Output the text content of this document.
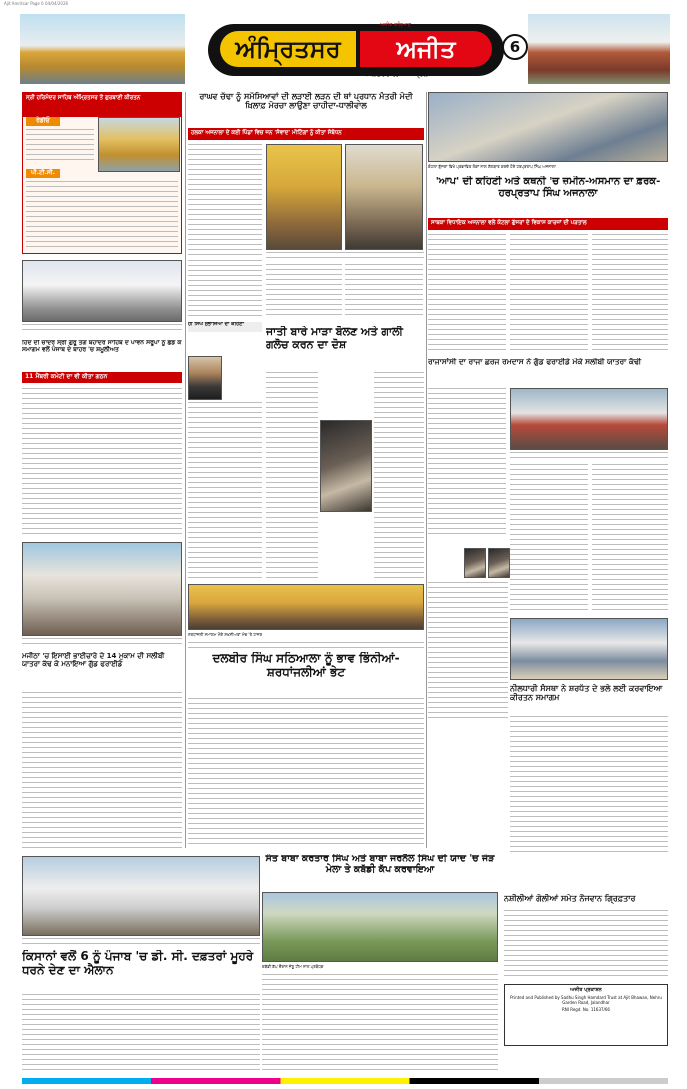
Ajit Amritsar Page 6 04/04/2026
ਅੰਮ੍ਰਿਤਸਰ	ਅਜੀਤ
ਅਜੀਤ ਕਲਿਆਣ
ਸ਼ਨਿੱਚਰਵਾਰ, 4 ਅਪ੍ਰੈਲ 2026
6
ਸ੍ਰੀ ਹਰਿਮੰਦਰ ਸਾਹਿਬ ਅੰਮ੍ਰਿਤਸਰ ਤੋਂ ਗੁਰਬਾਣੀ ਕੀਰਤਨ
ਰੇਡੀਓ
ਪੀ.ਟੀ.ਸੀ.
ਹਿੰਦ ਦੀ ਚਾਦਰ ਸ੍ਰੀ ਗੁਰੂ ਤੇਗ ਬਹਾਦਰ ਸਾਹਿਬ ਦੇ ਪਾਵਨ ਸਰੂਪਾਂ ਨੂੰ ਛੱਡ ਕੇ ਸਮਾਗਮ ਵਲੋਂ ਪੰਜਾਬ ਦੇ ਬਾਹਰ 'ਚ ਸ਼ਮੂਲੀਅਤ
11 ਮੈਂਬਰੀ ਕਮੇਟੀ ਦਾ ਵੀ ਕੀਤਾ ਗਠਨ
ਮਜੀਠਾ 'ਚ ਇਸਾਈ ਭਾਈਚਾਰੇ ਦੇ 14 ਮੁਕਾਮ ਦੀ ਸਲੀਬੀ ਯਾਤਰਾ ਕੱਢ ਕੇ ਮਨਾਇਆ ਗੁੱਡ ਫਰਾਈਡੇ
ਕਿਸਾਨਾਂ ਵਲੋਂ 6 ਨੂੰ ਪੰਜਾਬ 'ਚ ਡੀ. ਸੀ. ਦਫ਼ਤਰਾਂ ਮੂਹਰੇ ਧਰਨੇ ਦੇਣ ਦਾ ਐਲਾਨ
ਰਾਘਵ ਚੱਢਾ ਨੂੰ ਸਮੱਸਿਆਵਾਂ ਦੀ ਲੜਾਈ ਲੜਨ ਦੀ ਥਾਂ ਪ੍ਰਧਾਨ ਮੰਤਰੀ ਮੋਦੀ ਖ਼ਿਲਾਫ਼ ਮੋਰਚਾ ਲਾਉਣਾ ਚਾਹੀਦਾ-ਧਾਲੀਵਾਲ
ਹਲਕਾ ਅਜਨਾਲਾ ਦੇ ਕਈ ਪਿੰਡਾਂ ਵਿਚ ਜਨ 'ਸੰਵਾਦ' ਮੀਟਿੰਗਾਂ ਨੂੰ ਕੀਤਾ ਸੰਬੋਧਨ
ਹੀ ਸਿੰਘ ਸੁਭਾਜਿਆਂ ਦਾ ਕਹਿਣਾ
ਜਾਤੀ ਬਾਰੇ ਮਾੜਾ ਬੋਲਣ ਅਤੇ ਗਾਲੀ ਗਲੋਚ ਕਰਨ ਦਾ ਦੋਸ਼
ਸ਼ਰਧਾਂਜਲੀ ਸਮਾਗਮ ਮੌਕੇ ਸ਼ਖ਼ਸੀਅਤਾਂ ਮੰਚ 'ਤੇ ਹਾਜ਼ਰ
ਦਲਬੀਰ ਸਿੰਘ ਸਠਿਆਲਾ ਨੂੰ ਭਾਵ ਭਿੰਨੀਆਂ-ਸ਼ਰਧਾਂਜਲੀਆਂ ਭੇਟ
ਸੰਤ ਬਾਬਾ ਕਰਤਾਰ ਸਿੰਘ ਅਤੇ ਬਾਬਾ ਜਰਨੈਲ ਸਿੰਘ ਦੀ ਯਾਦ 'ਚ ਜੋੜ ਮੇਲਾ ਤੇ ਕਬੱਡੀ ਕੱਪ ਕਰਵਾਇਆ
ਕਬੱਡੀ ਕੱਪ ਦੌਰਾਨ ਜੇਤੂ ਟੀਮ ਨਾਲ ਪ੍ਰਬੰਧਕ
ਕੋਟਲਾ ਗੁੱਜਰਾਂ ਵਿਖੇ ਪ੍ਰਭਾਵਿਤ ਲੋਕਾਂ ਨਾਲ ਗੱਲਬਾਤ ਕਰਦੇ ਹੋਏ ਹਰਪ੍ਰਤਾਪ ਸਿੰਘ ਅਜਨਾਲਾ
'ਆਪ' ਦੀ ਕਹਿਣੀ ਅਤੇ ਕਥਨੀ 'ਚ ਜ਼ਮੀਨ-ਅਸਮਾਨ ਦਾ ਫ਼ਰਕ-ਹਰਪ੍ਰਤਾਪ ਸਿੰਘ ਅਜਨਾਲਾ
ਸਾਬਕਾ ਵਿਧਾਇਕ ਅਜਨਾਲਾ ਵਲੋਂ ਕੋਟਲਾ ਗੁੱਜਰਾਂ ਦੇ ਵਿਕਾਸ ਕਾਰਜਾਂ ਦੀ ਪੜਤਾਲ
ਰਾਜਾਸਾਂਸੀ ਦਾ ਰਾਜਾ ਛਰਜ ਰਮਦਾਸ ਨੇ ਗੁੱਡ ਫਰਾਈਡੇ ਮੌਕੇ ਸਲੀਬੀ ਯਾਤਰਾ ਕੱਢੀ
ਨੀਲਧਾਰੀ ਸੰਸਥਾ ਨੇ ਸ਼ਰਧੱਤ ਦੇ ਭਲੇ ਲਈ ਕਰਵਾਇਆ ਕੀਰਤਨ ਸਮਾਗਮ
ਨਸ਼ੀਲੀਆਂ ਗੋਲੀਆਂ ਸਮੇਤ ਨੌਜਵਾਨ ਗ੍ਰਿਫ਼ਤਾਰ
ਅਜੀਤ ਪ੍ਰਕਾਸ਼ਨ
Printed and Published by Sadhu Singh Hamdard Trust at Ajit Bhawan, Nehru Garden Road, Jalandhar
RNI Regd. No. 11637/66
